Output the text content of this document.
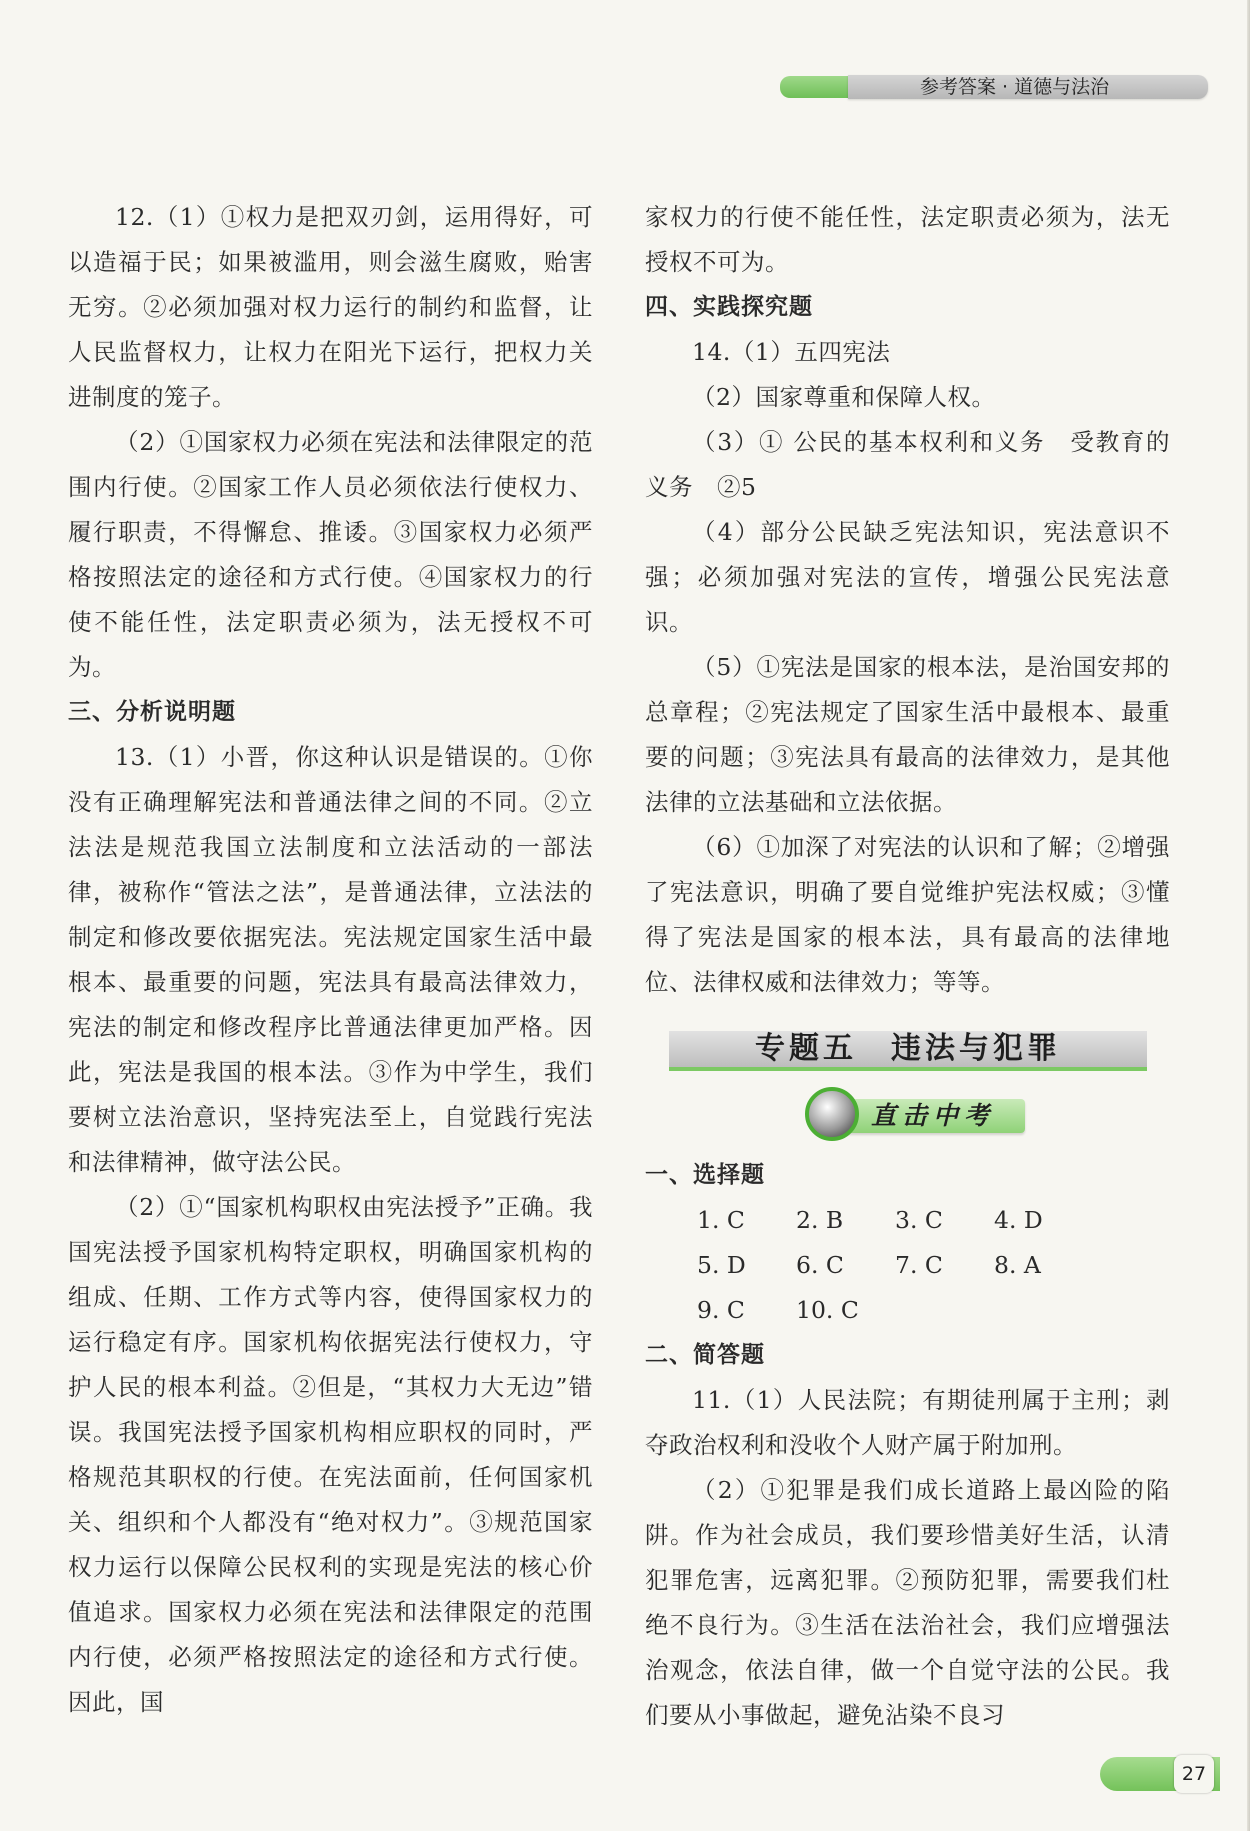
参考答案 · 道德与法治

12.（1）①权力是把双刃剑，运用得好，可以造福于民；如果被滥用，则会滋生腐败，贻害无穷。②必须加强对权力运行的制约和监督，让人民监督权力，让权力在阳光下运行，把权力关进制度的笼子。

（2）①国家权力必须在宪法和法律限定的范围内行使。②国家工作人员必须依法行使权力、履行职责，不得懈怠、推诿。③国家权力必须严格按照法定的途径和方式行使。④国家权力的行使不能任性，法定职责必须为，法无授权不可为。

三、分析说明题

13.（1）小晋，你这种认识是错误的。①你没有正确理解宪法和普通法律之间的不同。②立法法是规范我国立法制度和立法活动的一部法律，被称作“管法之法”，是普通法律，立法法的制定和修改要依据宪法。宪法规定国家生活中最根本、最重要的问题，宪法具有最高法律效力，宪法的制定和修改程序比普通法律更加严格。因此，宪法是我国的根本法。③作为中学生，我们要树立法治意识，坚持宪法至上，自觉践行宪法和法律精神，做守法公民。

（2）①“国家机构职权由宪法授予”正确。我国宪法授予国家机构特定职权，明确国家机构的组成、任期、工作方式等内容，使得国家权力的运行稳定有序。国家机构依据宪法行使权力，守护人民的根本利益。②但是，“其权力大无边”错误。我国宪法授予国家机构相应职权的同时，严格规范其职权的行使。在宪法面前，任何国家机关、组织和个人都没有“绝对权力”。③规范国家权力运行以保障公民权利的实现是宪法的核心价值追求。国家权力必须在宪法和法律限定的范围内行使，必须严格按照法定的途径和方式行使。因此，国

家权力的行使不能任性，法定职责必须为，法无授权不可为。

四、实践探究题

14.（1）五四宪法

（2）国家尊重和保障人权。

（3）① 公民的基本权利和义务　受教育的义务　②5

（4）部分公民缺乏宪法知识，宪法意识不强；必须加强对宪法的宣传，增强公民宪法意识。

（5）①宪法是国家的根本法，是治国安邦的总章程；②宪法规定了国家生活中最根本、最重要的问题；③宪法具有最高的法律效力，是其他法律的立法基础和立法依据。

（6）①加深了对宪法的认识和了解；②增强了宪法意识，明确了要自觉维护宪法权威；③懂得了宪法是国家的根本法，具有最高的法律地位、法律权威和法律效力；等等。

专题五　违法与犯罪
直击中考

一、选择题

1. C	2. B	3. C	4. D
5. D	6. C	7. C	8. A
9. C	10. C

二、简答题

11.（1）人民法院；有期徒刑属于主刑；剥夺政治权利和没收个人财产属于附加刑。

（2）①犯罪是我们成长道路上最凶险的陷阱。作为社会成员，我们要珍惜美好生活，认清犯罪危害，远离犯罪。②预防犯罪，需要我们杜绝不良行为。③生活在法治社会，我们应增强法治观念，依法自律，做一个自觉守法的公民。我们要从小事做起，避免沾染不良习

27
